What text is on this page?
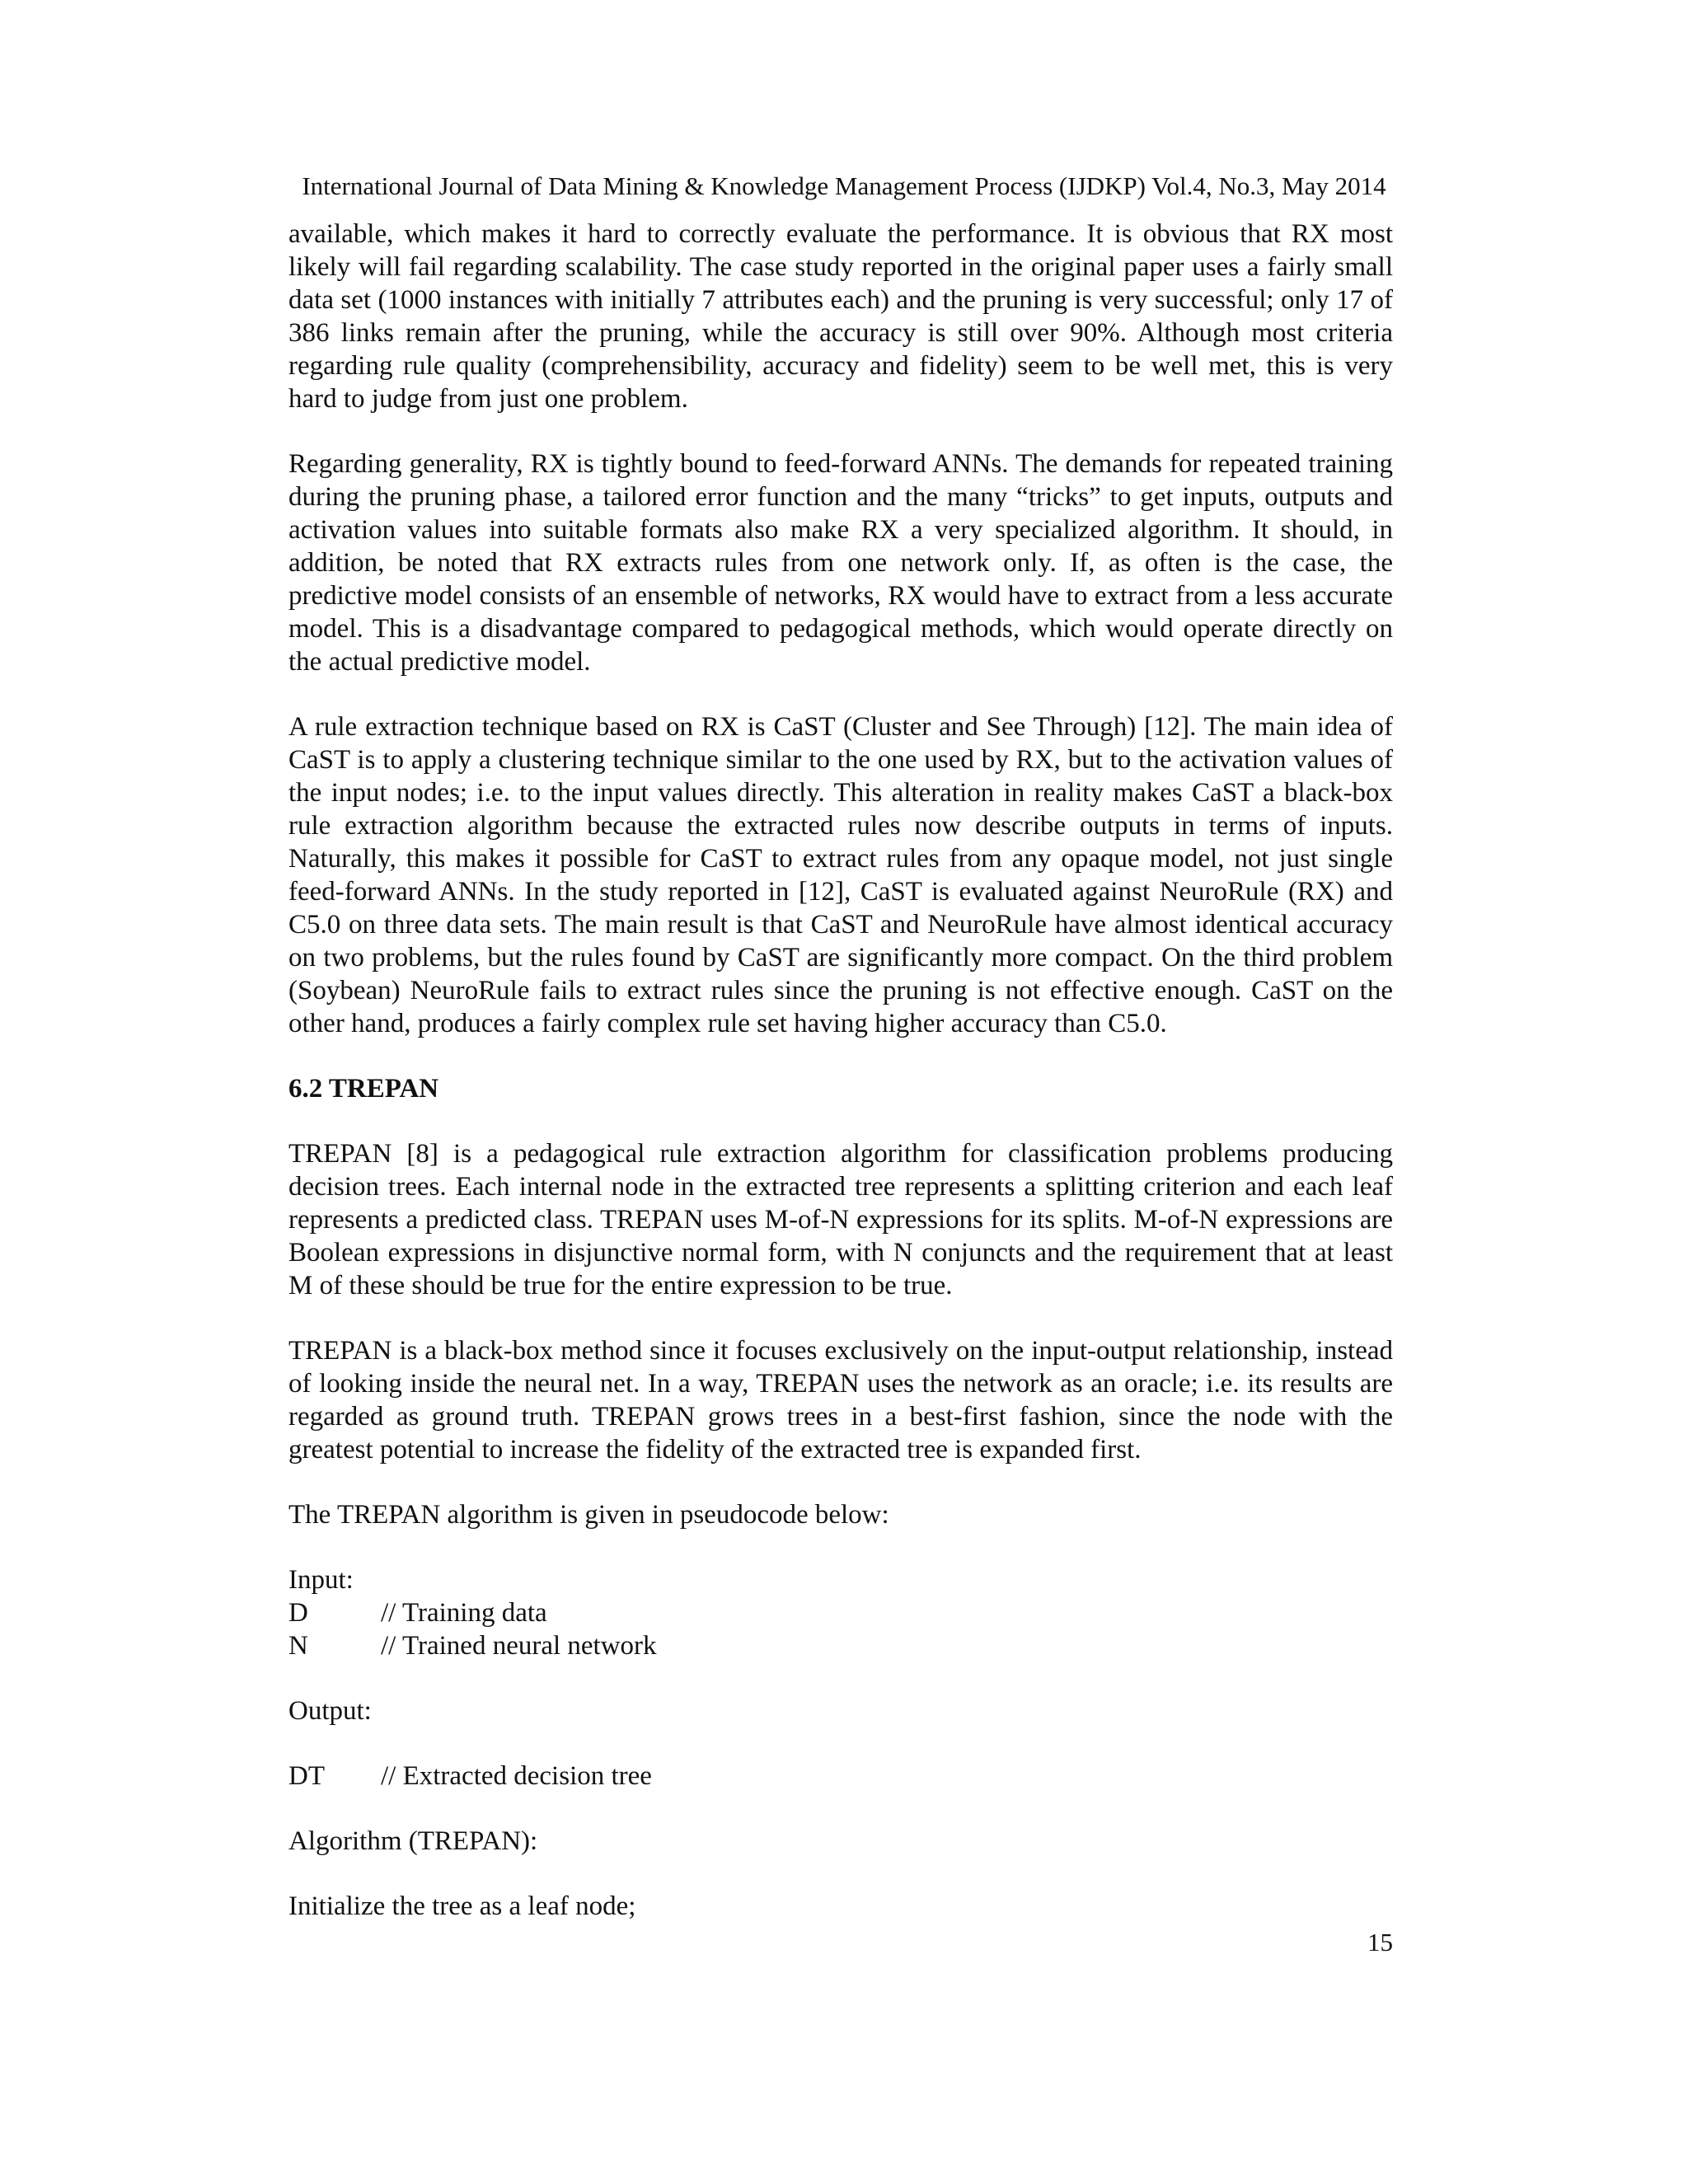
International Journal of Data Mining & Knowledge Management Process (IJDKP) Vol.4, No.3, May 2014

available, which makes it hard to correctly evaluate the performance. It is obvious that RX most likely will fail regarding scalability. The case study reported in the original paper uses a fairly small data set (1000 instances with initially 7 attributes each) and the pruning is very successful; only 17 of 386 links remain after the pruning, while the accuracy is still over 90%. Although most criteria regarding rule quality (comprehensibility, accuracy and fidelity) seem to be well met, this is very hard to judge from just one problem.

Regarding generality, RX is tightly bound to feed-forward ANNs. The demands for repeated training during the pruning phase, a tailored error function and the many “tricks” to get inputs, outputs and activation values into suitable formats also make RX a very specialized algorithm. It should, in addition, be noted that RX extracts rules from one network only. If, as often is the case, the predictive model consists of an ensemble of networks, RX would have to extract from a less accurate model. This is a disadvantage compared to pedagogical methods, which would operate directly on the actual predictive model.

A rule extraction technique based on RX is CaST (Cluster and See Through) [12]. The main idea of CaST is to apply a clustering technique similar to the one used by RX, but to the activation values of the input nodes; i.e. to the input values directly. This alteration in reality makes CaST a black-box rule extraction algorithm because the extracted rules now describe outputs in terms of inputs. Naturally, this makes it possible for CaST to extract rules from any opaque model, not just single feed-forward ANNs. In the study reported in [12], CaST is evaluated against NeuroRule (RX) and C5.0 on three data sets. The main result is that CaST and NeuroRule have almost identical accuracy on two problems, but the rules found by CaST are significantly more compact. On the third problem (Soybean) NeuroRule fails to extract rules since the pruning is not effective enough. CaST on the other hand, produces a fairly complex rule set having higher accuracy than C5.0.

6.2 TREPAN

TREPAN [8] is a pedagogical rule extraction algorithm for classification problems producing decision trees. Each internal node in the extracted tree represents a splitting criterion and each leaf represents a predicted class. TREPAN uses M-of-N expressions for its splits. M-of-N expressions are Boolean expressions in disjunctive normal form, with N conjuncts and the requirement that at least M of these should be true for the entire expression to be true.

TREPAN is a black-box method since it focuses exclusively on the input-output relationship, instead of looking inside the neural net. In a way, TREPAN uses the network as an oracle; i.e. its results are regarded as ground truth. TREPAN grows trees in a best-first fashion, since the node with the greatest potential to increase the fidelity of the extracted tree is expanded first.

The TREPAN algorithm is given in pseudocode below:

Input:

D	// Training data
N	// Trained neural network

Output:

DT	// Extracted decision tree

Algorithm (TREPAN):

Initialize the tree as a leaf node;

15
